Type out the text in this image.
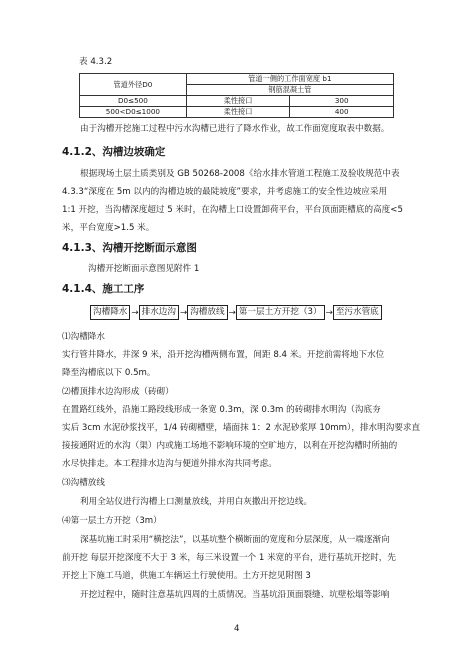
表 4.3.2
管道外径D0	管道一侧的工作面宽度 b1	
	钢筋混凝土管	
D0≤500	柔性接口	300
500<D0≤1000	柔性接口	400
由于沟槽开挖施工过程中污水沟槽已进行了降水作业，故工作面宽度取表中数据。
4.1.2、沟槽边坡确定
根据现场土层土质类别及 GB 50268-2008《给水排水管道工程施工及验收规范中表
4.3.3“深度在 5m 以内的沟槽边坡的最陡坡度”要求，并考虑施工的安全性边坡应采用
1:1 开挖，当沟槽深度超过 5 米时，在沟槽上口设置卸荷平台，平台顶面距槽底的高度<5
米，平台宽度>1.5 米。
4.1.3、沟槽开挖断面示意图
沟槽开挖断面示意图见附件 1
4.1.4、施工工序
沟槽降水 → 排水边沟 → 沟槽放线 → 第一层土方开挖（3） → 至污水管底
⑴沟槽降水
实行管井降水，井深 9 米，沿开挖沟槽两侧布置，间距 8.4 米。开挖前需将地下水位
降至沟槽底以下 0.5m。
⑵槽顶排水边沟形成（砖砌）
在置路红线外，沿施工路段线形成一条宽 0.3m，深 0.3m 的砖砌排水明沟（沟底夯
实后 3cm 水泥砂浆找平，1/4 砖砌槽壁，墙面抹 1：2 水泥砂浆厚 10mm），排水明沟要求直
接接通附近的水沟（渠）内或施工场地不影响环境的空旷地方，以利在开挖沟槽时所抽的
水尽快排走。本工程排水边沟与便道外排水沟共同考虑。
⑶沟槽放线
利用全站仪进行沟槽上口测量放线，并用白灰撒出开挖边线。
⑷第一层土方开挖（3m）
深基坑施工时采用“横挖法”，以基坑整个横断面的宽度和分层深度，从一端逐渐向
前开挖 每层开挖深度不大于 3 米，每三米设置一个 1 米宽的平台，进行基坑开挖时，先
开挖上下施工马道，供施工车辆运土行驶使用。土方开挖见附图 3
开挖过程中，随时注意基坑四周的土质情况。当基坑沿顶面裂缝、坑壁松塌等影响
4
